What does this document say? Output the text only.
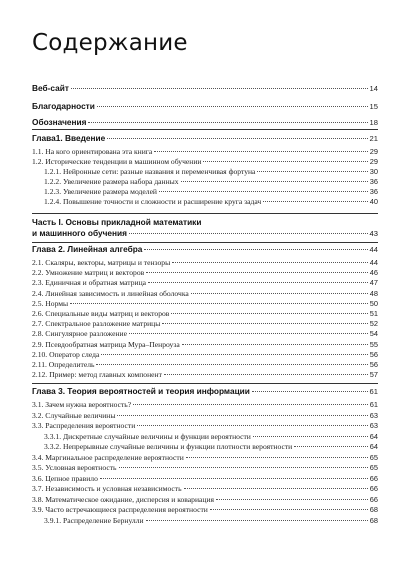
Содержание
Веб-сайт	14
Благодарности	15
Обозначения	18
Глава1. Введение	21
1.1. На кого ориентирована эта книга	29
1.2. Исторические тенденции в машинном обучении	29
1.2.1. Нейронные сети: разные названия и переменчивая фортуна	30
1.2.2. Увеличение размера набора данных	36
1.2.3. Увеличение размера моделей	36
1.2.4. Повышение точности и сложности и расширение круга задач	40
Часть I. Основы прикладной математики
и машинного обучения	43
Глава 2. Линейная алгебра	44
2.1. Скаляры, векторы, матрицы и тензоры	44
2.2. Умножение матриц и векторов	46
2.3. Единичная и обратная матрица	47
2.4. Линейная зависимость и линейная оболочка	48
2.5. Нормы	50
2.6. Специальные виды матриц и векторов	51
2.7. Спектральное разложение матрицы	52
2.8. Сингулярное разложение	54
2.9. Псевдообратная матрица Мура–Пенроуза	55
2.10. Оператор следа	56
2.11. Определитель	56
2.12. Пример: метод главных компонент	57
Глава 3. Теория вероятностей и теория информации	61
3.1. Зачем нужна вероятность?	61
3.2. Случайные величины	63
3.3. Распределения вероятности	63
3.3.1. Дискретные случайные величины и функции вероятности	64
3.3.2. Непрерывные случайные величины и функции плотности вероятности	64
3.4. Маргинальное распределение вероятности	65
3.5. Условная вероятность	65
3.6. Цепное правило	66
3.7. Независимость и условная независимость	66
3.8. Математическое ожидание, дисперсия и ковариация	66
3.9. Часто встречающиеся распределения вероятности	68
3.9.1. Распределение Бернулли	68
